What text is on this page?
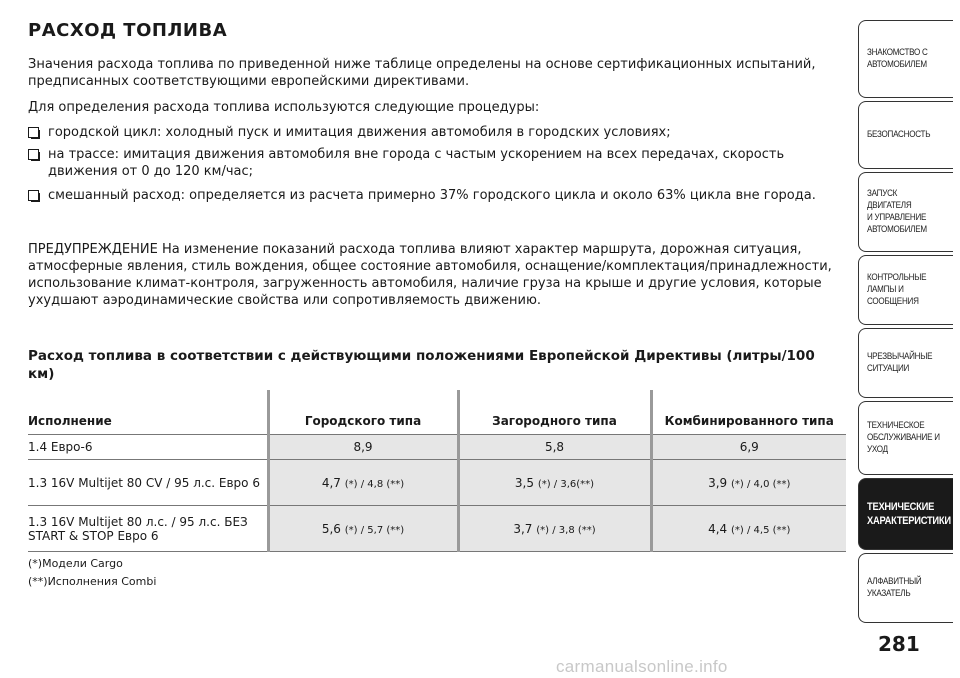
РАСХОД ТОПЛИВА
Значения расхода топлива по приведенной ниже таблице определены на основе сертификационных испытаний, предписанных соответствующими европейскими директивами.
Для определения расхода топлива используются следующие процедуры:
городской цикл: холодный пуск и имитация движения автомобиля в городских условиях;
на трассе: имитация движения автомобиля вне города с частым ускорением на всех передачах, скорость движения от 0 до 120 км/час;
смешанный расход: определяется из расчета примерно 37% городского цикла и около 63% цикла вне города.
ПРЕДУПРЕЖДЕНИЕ На изменение показаний расхода топлива влияют характер маршрута, дорожная ситуация, атмосферные явления, стиль вождения, общее состояние автомобиля, оснащение/комплектация/принадлежности, использование климат-контроля, загруженность автомобиля, наличие груза на крыше и другие условия, которые ухудшают аэродинамические свойства или сопротивляемость движению.
Расход топлива в соответствии с действующими положениями Европейской Директивы (литры/100 км)
Исполнение	Городского типа	Загородного типа	Комбинированного типа
1.4 Евро-6	8,9	5,8	6,9
1.3 16V Multijet 80 CV / 95 л.с. Евро 6	4,7 (*) / 4,8 (**)	3,5 (*) / 3,6(**)	3,9 (*) / 4,0 (**)
1.3 16V Multijet 80 л.с. / 95 л.с. БЕЗ START & STOP Евро 6	5,6 (*) / 5,7 (**)	3,7 (*) / 3,8 (**)	4,4 (*) / 4,5 (**)
(*)Модели Cargo
(**)Исполнения Combi
ЗНАКОМСТВО С
АВТОМОБИЛЕМ
БЕЗОПАСНОСТЬ
ЗАПУСК ДВИГАТЕЛЯ
И УПРАВЛЕНИЕ
АВТОМОБИЛЕМ
КОНТРОЛЬНЫЕ
ЛАМПЫ И
СООБЩЕНИЯ
ЧРЕЗВЫЧАЙНЫЕ
СИТУАЦИИ
ТЕХНИЧЕСКОЕ
ОБСЛУЖИВАНИЕ И
УХОД
ТЕХНИЧЕСКИЕ
ХАРАКТЕРИСТИКИ
АЛФАВИТНЫЙ
УКАЗАТЕЛЬ
281
carmanualsonline.info
